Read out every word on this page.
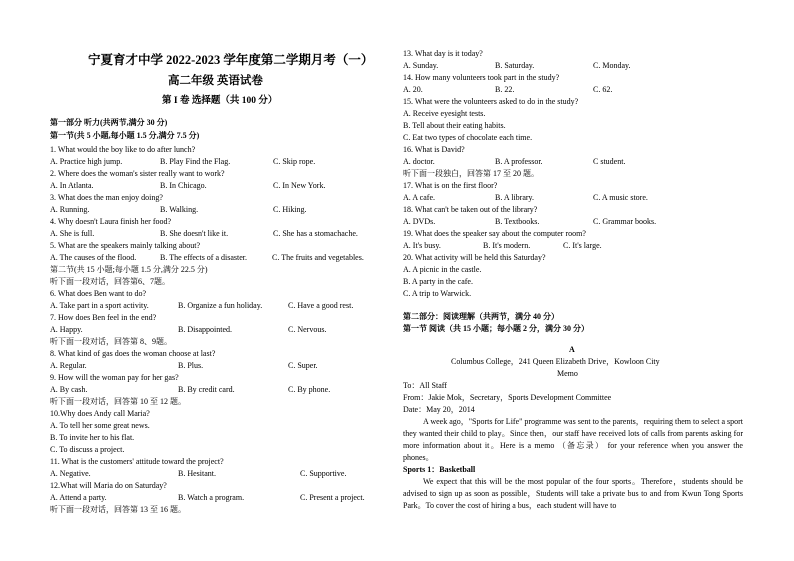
宁夏育才中学 2022-2023 学年度第二学期月考（一）
高二年级 英语试卷
第 I 卷 选择题（共 100 分）
第一部分 听力(共两节,满分 30 分)
第一节(共 5 小题,每小题 1.5 分,满分 7.5 分)
1. What would the boy like to do after lunch?
A. Practice high jump.	B. Play Find the Flag.	C. Skip rope.
2. Where does the woman's sister really want to work?
A. In Atlanta.	B. In Chicago.	C. In New York.
3. What does the man enjoy doing?
A. Running.	B. Walking.	C. Hiking.
4. Why doesn't Laura finish her food?
A. She is full.	B. She doesn't like it.	C. She has a stomachache.
5. What are the speakers mainly talking about?
A. The causes of the flood.	B. The effects of a disaster.	C. The fruits and vegetables.
第二节(共 15 小题;每小题 1.5 分,满分 22.5 分)
听下面一段对话，回答第6、7题。
6. What does Ben want to do?
A. Take part in a sport activity.	B. Organize a fun holiday.	C. Have a good rest.
7. How does Ben feel in the end?
A. Happy.	B. Disappointed.	C. Nervous.
听下面一段对话，回答第 8、9题。
8. What kind of gas does the woman choose at last?
A. Regular.	B. Plus.	C. Super.
9. How will the woman pay for her gas?
A. By cash.	B. By credit card.	C. By phone.
听下面一段对话，回答第 10 至 12 题。
10.Why does Andy call Maria?
A. To tell her some great news.
B. To invite her to his flat.
C. To discuss a project.
11. What is the customers' attitude toward the project?
A. Negative.	B. Hesitant.	C. Supportive.
12.What will Maria do on Saturday?
A. Attend a party.	B. Watch a program.	C. Present a project.
听下面一段对话，回答第 13 至 16 题。
13. What day is it today?
A. Sunday.	B. Saturday.	C. Monday.
14. How many volunteers took part in the study?
A. 20.	B. 22.	C. 62.
15. What were the volunteers asked to do in the study?
A. Receive eyesight tests.
B. Tell about their eating habits.
C. Eat two types of chocolate each time.
16. What is David?
A. doctor.	B. A professor.	C student.
听下面一段独白，回答第 17 至 20 题。
17. What is on the first floor?
A. A cafe.	B. A library.	C. A music store.
18. What can't be taken out of the library?
A. DVDs.	B. Textbooks.	C. Grammar books.
19. What does the speaker say about the computer room?
A. It's busy.	B. It's modern.	C. It's large.
20. What activity will be held this Saturday?
A. A picnic in the castle.
B. A party in the cafe.
C. A trip to Warwick.
第二部分：阅读理解（共两节，满分 40 分）
第一节 阅读（共 15 小题；每小题 2 分，满分 30 分）
A
Columbus College，241 Queen Elizabeth Drive，Kowloon City
Memo
To：All Staff
From：Jakie Mok，Secretary，Sports Development Committee
Date：May 20，2014
A week ago，"Sports for Life" programme was sent to the parents，requiring them to select a sport they wanted their child to play。Since then，our staff have received lots of calls from parents asking for more information about it。Here is a memo （备忘录） for your reference when you answer the phones。
Sports 1：Basketball
We expect that this will be the most popular of the four sports。Therefore，students should be advised to sign up as soon as possible，Students will take a private bus to and from Kwun Tong Sports Park。To cover the cost of hiring a bus，each student will have to
